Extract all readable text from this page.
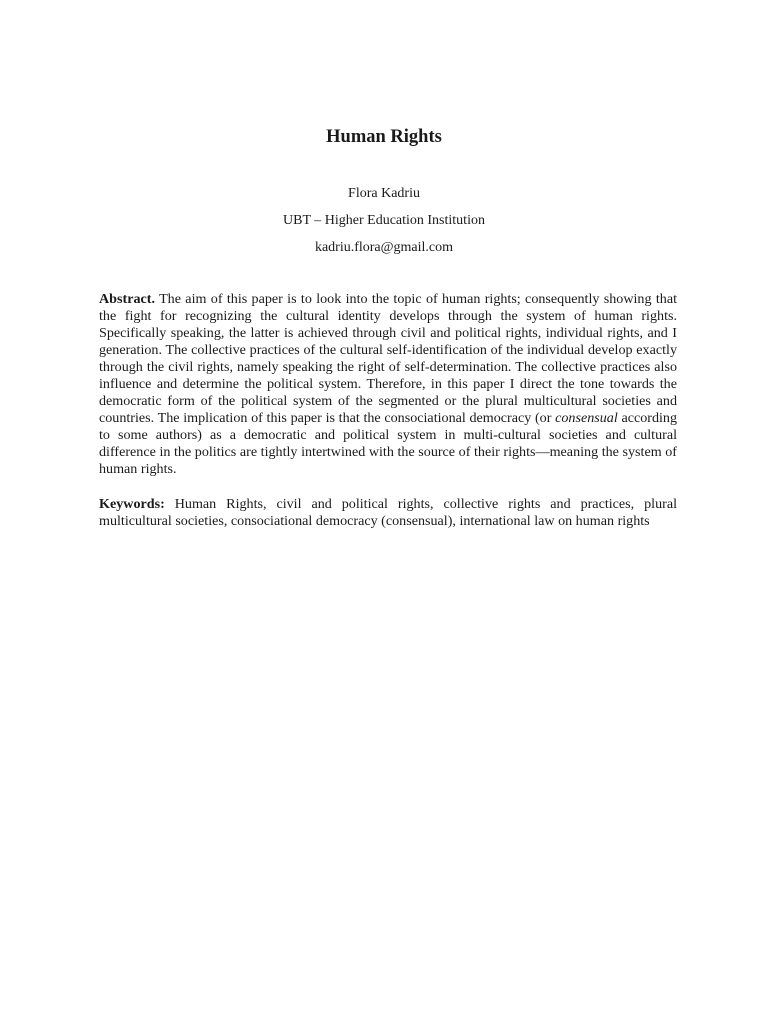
Human Rights

Flora Kadriu

UBT – Higher Education Institution

kadriu.flora@gmail.com

Abstract. The aim of this paper is to look into the topic of human rights; consequently showing that the fight for recognizing the cultural identity develops through the system of human rights. Specifically speaking, the latter is achieved through civil and political rights, individual rights, and I generation. The collective practices of the cultural self-identification of the individual develop exactly through the civil rights, namely speaking the right of self-determination. The collective practices also influence and determine the political system. Therefore, in this paper I direct the tone towards the democratic form of the political system of the segmented or the plural multicultural societies and countries. The implication of this paper is that the consociational democracy (or consensual according to some authors) as a democratic and political system in multi-cultural societies and cultural difference in the politics are tightly intertwined with the source of their rights—meaning the system of human rights.

Keywords: Human Rights, civil and political rights, collective rights and practices, plural multicultural societies, consociational democracy (consensual), international law on human rights
